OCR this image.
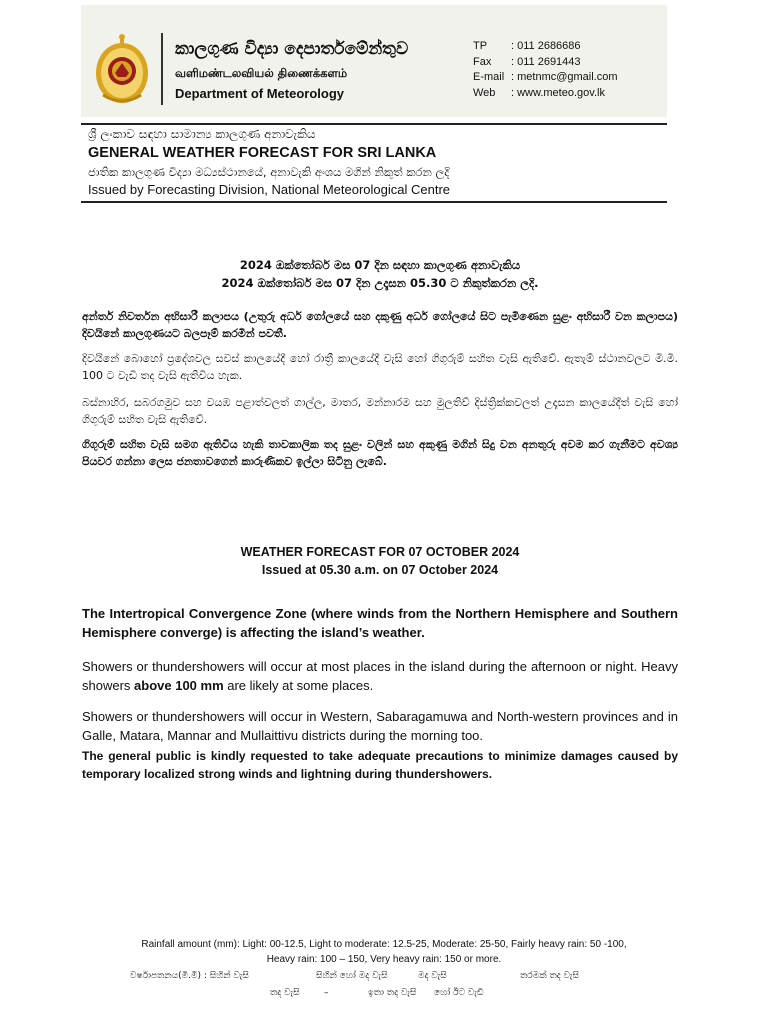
කාලගුණ විද්‍යා දෙපාර්තමේන්තුව
வளிமண்டலவியல் திணைக்களம்
Department of Meteorology
TP	: 011 2686686
Fax	: 011 2691443
E-mail : metnmc@gmail.com
Web	: www.meteo.gov.lk
ශ්‍රී ලංකාව සඳහා සාමාන්‍ය කාලගුණ අනාවැකිය
GENERAL WEATHER FORECAST FOR SRI LANKA
ජාතික කාලගුණ විද්‍යා මධ්‍යස්ථානයේ, අනාවැකි අංශය මගින් නිකුත් කරන ලදි
Issued by Forecasting Division, National Meteorological Centre
2024 ඔක්තෝබර් මස 07 දින සඳහා කාලගුණ අනාවැකිය
2024 ඔක්තෝබර් මස 07 දින උදෑසන 05.30 ට නිකුත්කරන ලදි.
අන්තර් නිවර්තන අභිසාරී කලාපය (උතුරු අර්ධ ගෝලයේ සහ දකුණු අර්ධ ගෝලයේ සිට පැමිණෙන සුළං අභිසාරී වන කලාපය) දිවයිනේ කාලගුණයට බලපෑම් කරමින් පවතී.
දිවයිනේ බොහෝ ප්‍රදේශවල සවස් කාලයේදී හෝ රාත්‍රී කාලයේදී වැසි හෝ ගිගුරුම් සහිත වැසි ඇතිවේ. ඇතැම් ස්ථානවලට මි.මී. 100 ට වැඩි තද වැසි ඇතිවිය හැක.
බස්නාහිර, සබරගමුව සහ වයඹ පළාත්වලත් ගාල්ල, මාතර, මන්නාරම සහ මුලතිව් දිස්ත්‍රික්කවලත් උදෑසන කාලයේදීත් වැසි හෝ ගිගුරුම් සහිත වැසි ඇතිවේ.
ගිගුරුම් සහිත වැසි සමග ඇතිවිය හැකි තාවකාලික තද සුළං වලින් සහ අකුණු මගින් සිදු වන අනතුරු අවම කර ගැනීමට අවශ්‍ය පියවර ගන්නා ලෙස ජනතාවගෙන් කාරුණිකව ඉල්ලා සිටිනු ලැබේ.
WEATHER FORECAST FOR 07 OCTOBER 2024
Issued at 05.30 a.m. on 07 October 2024
The Intertropical Convergence Zone (where winds from the Northern Hemisphere and Southern Hemisphere converge) is affecting the island’s weather.
Showers or thundershowers will occur at most places in the island during the afternoon or night. Heavy showers above 100 mm are likely at some places.
Showers or thundershowers will occur in Western, Sabaragamuwa and North-western provinces and in Galle, Matara, Mannar and Mullaittivu districts during the morning too.
The general public is kindly requested to take adequate precautions to minimize damages caused by temporary localized strong winds and lightning during thundershowers.
Rainfall amount (mm): Light: 00-12.5, Light to moderate: 12.5-25, Moderate: 25-50, Fairly heavy rain: 50 -100,
Heavy rain: 100 – 150, Very heavy rain: 150 or more.
වර්ෂාපතනය(මි.මී) : සිහින් වැසි	සිහින් හෝ මද වැසි	මද වැසි	තරමක් තද වැසි
තද වැසි	–	ඉතා තද වැසි හෝ ඊට වැඩි
